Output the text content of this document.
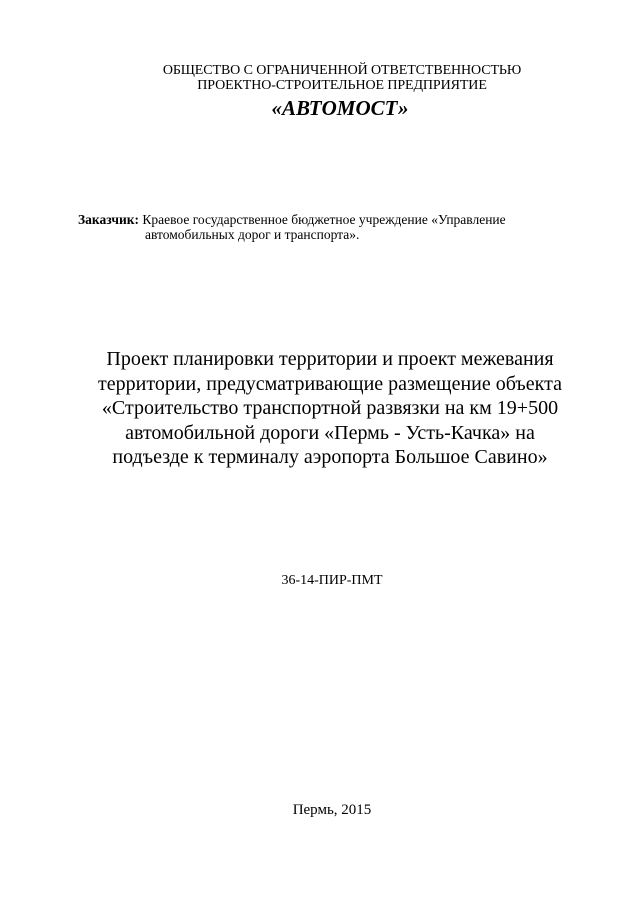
ОБЩЕСТВО С ОГРАНИЧЕННОЙ ОТВЕТСТВЕННОСТЬЮ
ПРОЕКТНО-СТРОИТЕЛЬНОЕ ПРЕДПРИЯТИЕ
«АВТОМОСТ»
Заказчик: Краевое государственное бюджетное учреждение «Управление
автомобильных дорог и транспорта».
Проект планировки территории и проект межевания
территории, предусматривающие размещение объекта
«Строительство транспортной развязки на км 19+500
автомобильной дороги «Пермь - Усть-Качка» на
подъезде к терминалу аэропорта Большое Савино»
36-14-ПИР-ПМТ
Пермь, 2015
